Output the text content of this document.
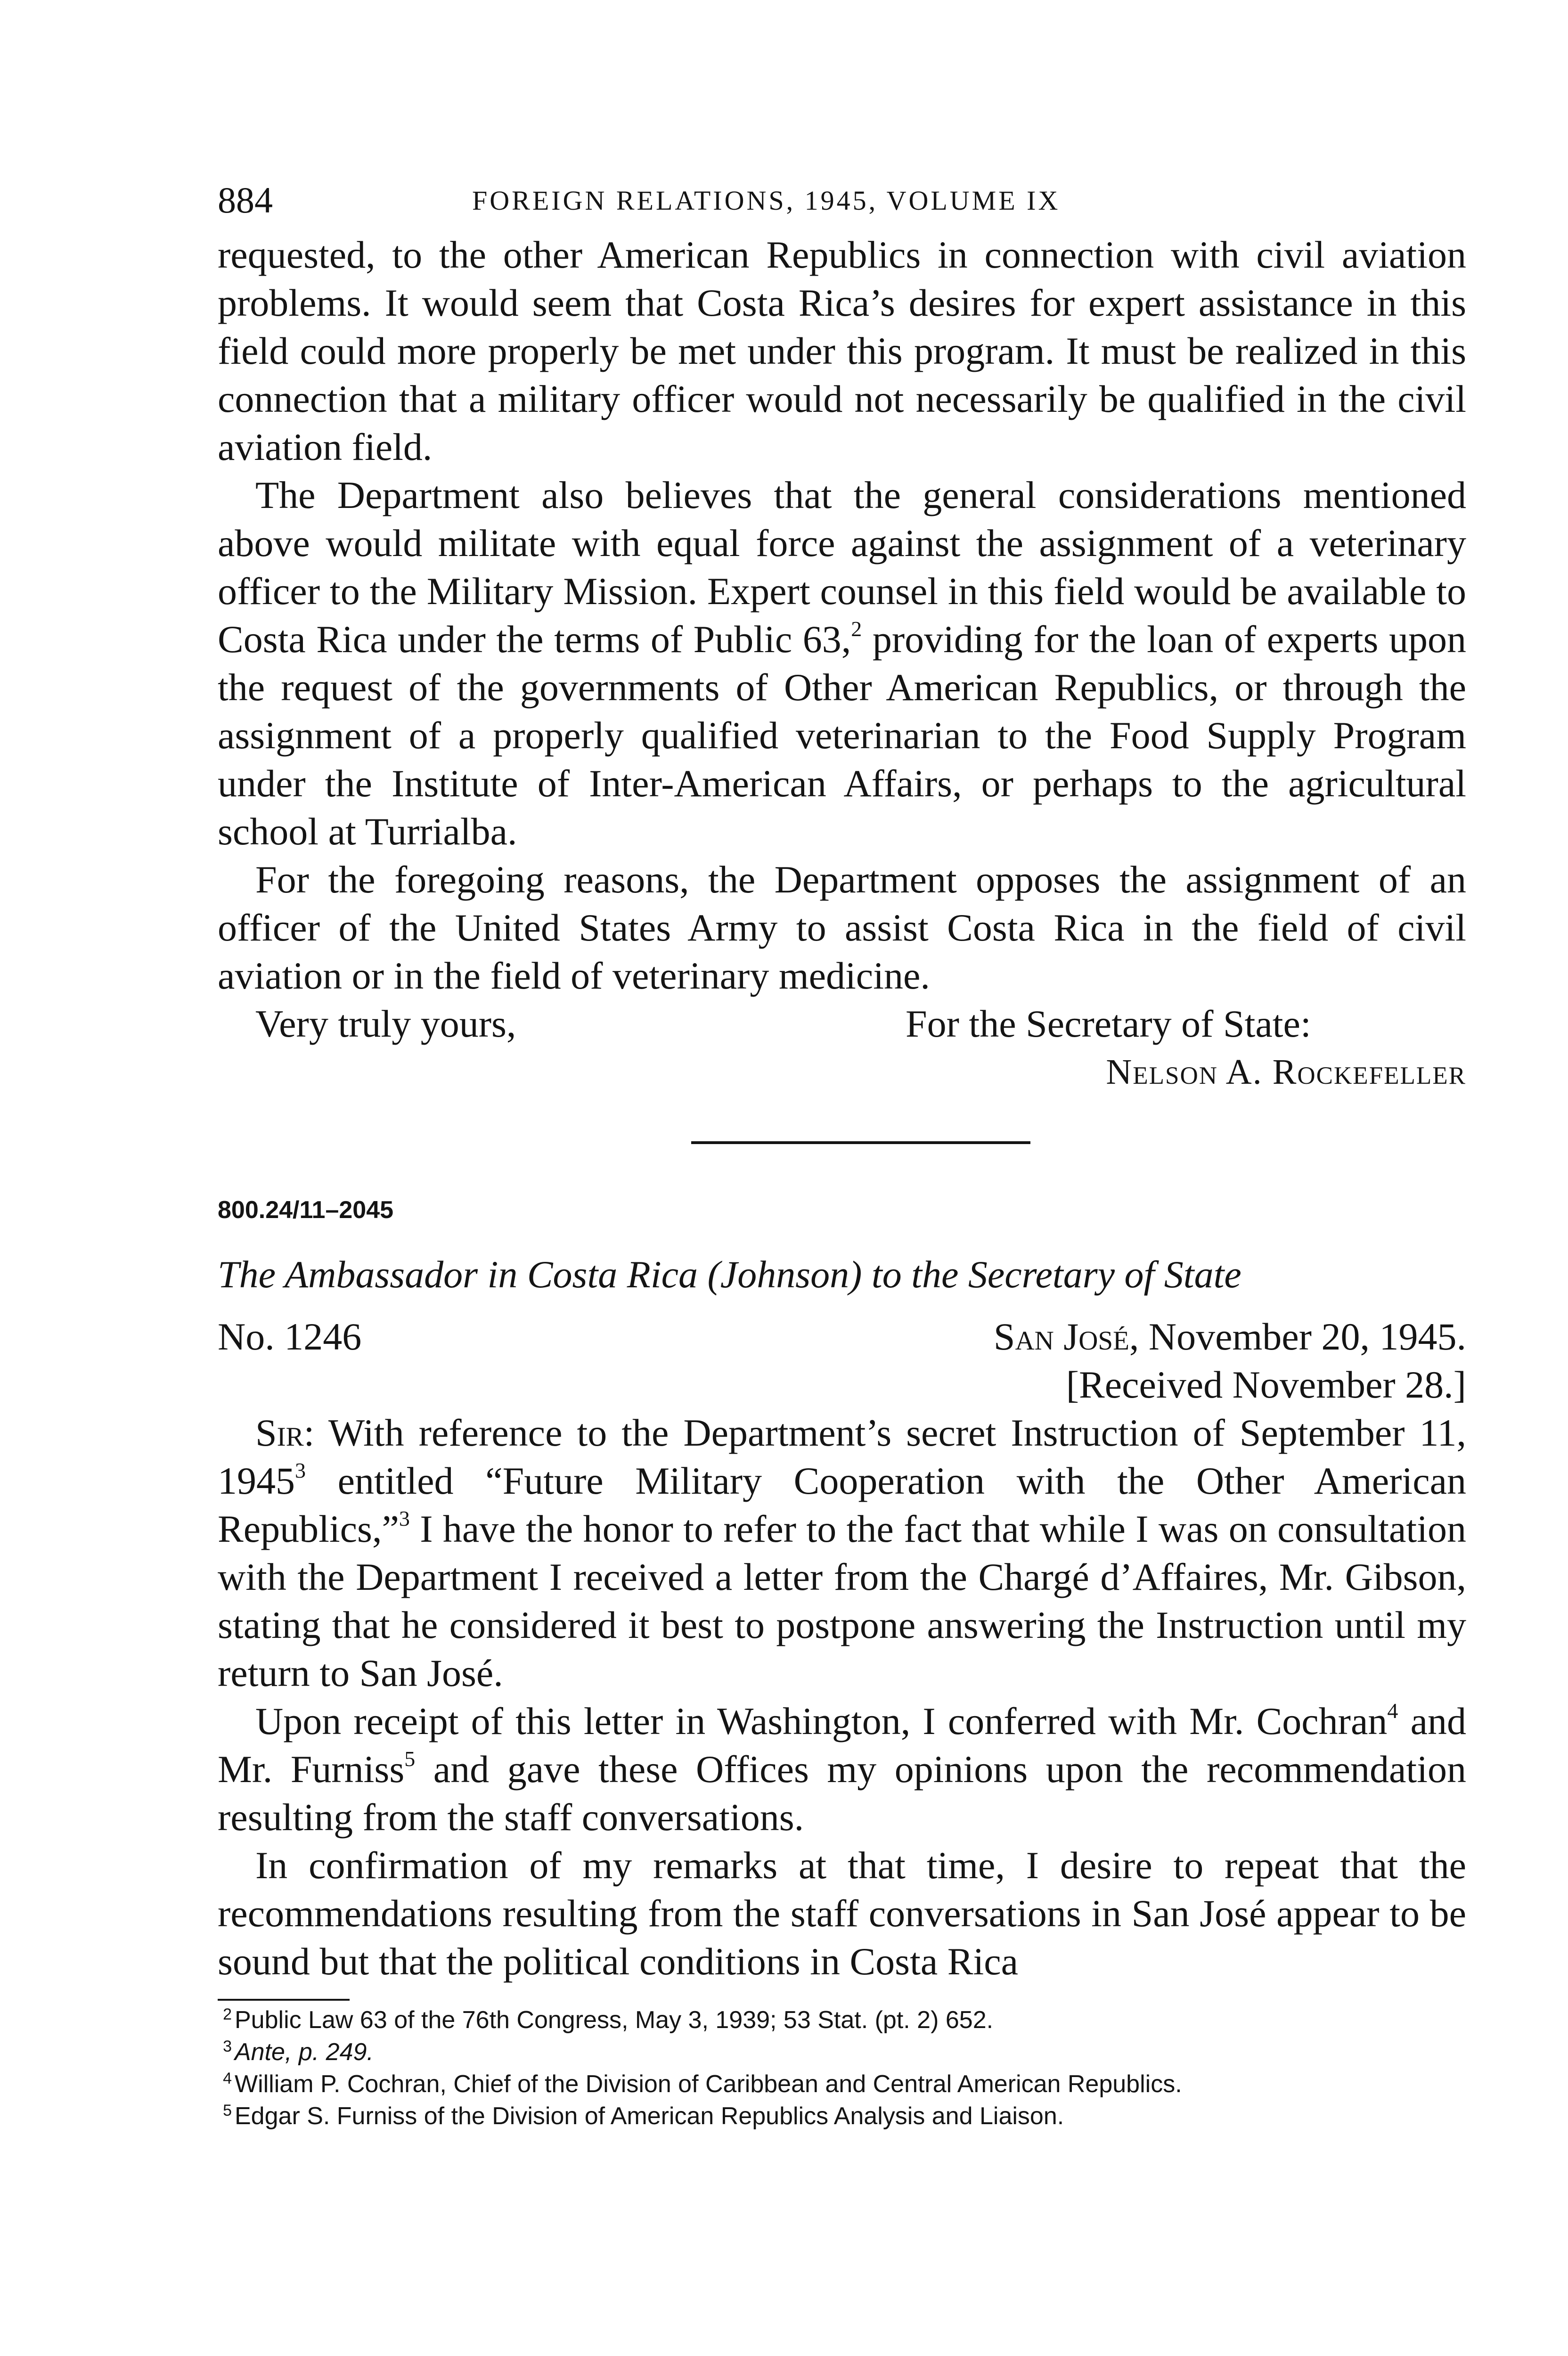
884	FOREIGN RELATIONS, 1945, VOLUME IX

requested, to the other American Republics in connection with civil aviation problems. It would seem that Costa Rica’s desires for expert assistance in this field could more properly be met under this program. It must be realized in this connection that a military officer would not necessarily be qualified in the civil aviation field.

The Department also believes that the general considerations mentioned above would militate with equal force against the assignment of a veterinary officer to the Military Mission. Expert counsel in this field would be available to Costa Rica under the terms of Public 63,$^2$ providing for the loan of experts upon the request of the governments of Other American Republics, or through the assignment of a properly qualified veterinarian to the Food Supply Program under the Institute of Inter-American Affairs, or perhaps to the agricultural school at Turrialba.

For the foregoing reasons, the Department opposes the assignment of an officer of the United States Army to assist Costa Rica in the field of civil aviation or in the field of veterinary medicine.

Very truly yours,	For the Secretary of State:
Nelson A. Rockefeller
800.24/11–2045
The Ambassador in Costa Rica (Johnson) to the Secretary of State
No. 1246	San José, November 20, 1945.
[Received November 28.]

Sir: With reference to the Department’s secret Instruction of September 11, 1945$^3$ entitled “Future Military Cooperation with the Other American Republics,”$^3$ I have the honor to refer to the fact that while I was on consultation with the Department I received a letter from the Chargé d’Affaires, Mr. Gibson, stating that he considered it best to postpone answering the Instruction until my return to San José.

Upon receipt of this letter in Washington, I conferred with Mr. Cochran$^4$ and Mr. Furniss$^5$ and gave these Offices my opinions upon the recommendation resulting from the staff conversations.

In confirmation of my remarks at that time, I desire to repeat that the recommendations resulting from the staff conversations in San José appear to be sound but that the political conditions in Costa Rica

2 Public Law 63 of the 76th Congress, May 3, 1939; 53 Stat. (pt. 2) 652.

3 Ante, p. 249.

4 William P. Cochran, Chief of the Division of Caribbean and Central American Republics.

5 Edgar S. Furniss of the Division of American Republics Analysis and Liaison.
